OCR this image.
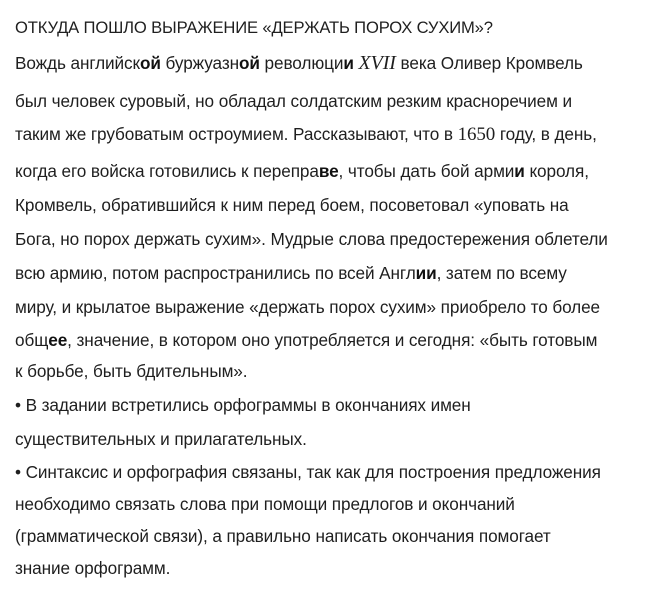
ОТКУДА ПОШЛО ВЫРАЖЕНИЕ «ДЕРЖАТЬ ПОРОХ СУХИМ»?
Вождь английской буржуазной революции XVII века Оливер Кромвель
был человек суровый, но обладал солдатским резким красноречием и
таким же грубоватым остроумием. Рассказывают, что в 1650 году, в день,
когда его войска готовились к переправе, чтобы дать бой армии короля,
Кромвель, обратившийся к ним перед боем, посоветовал «уповать на
Бога, но порох держать сухим». Мудрые слова предостережения облетели
всю армию, потом распространились по всей Англии, затем по всему
миру, и крылатое выражение «держать порох сухим» приобрело то более
общее, значение, в котором оно употребляется и сегодня: «быть готовым
к борьбе, быть бдительным».
• В задании встретились орфограммы в окончаниях имен
существительных и прилагательных.
• Синтаксис и орфография связаны, так как для построения предложения
необходимо связать слова при помощи предлогов и окончаний
(грамматической связи), а правильно написать окончания помогает
знание орфограмм.
